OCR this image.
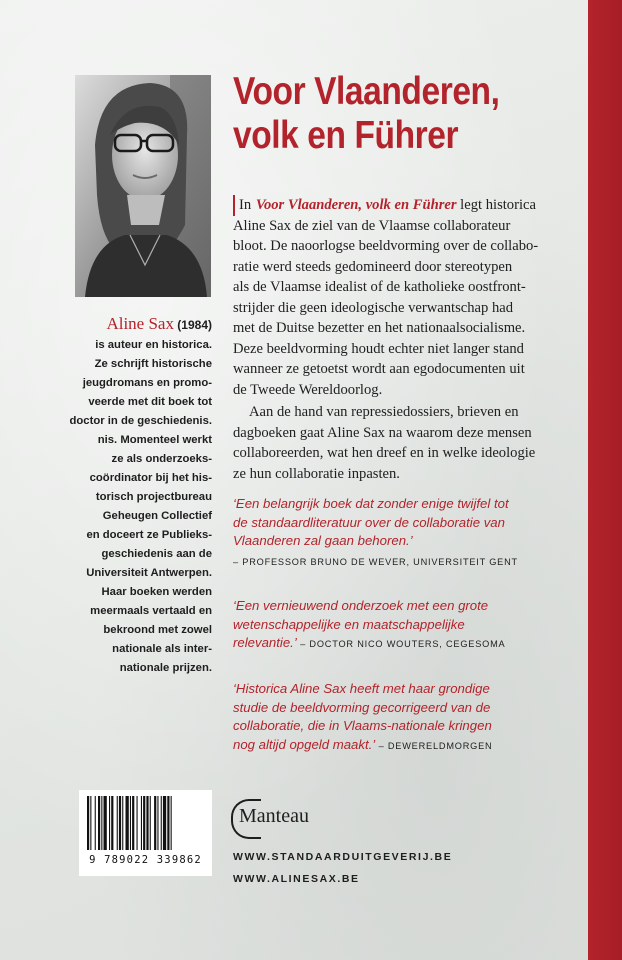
Voor Vlaanderen,
volk en Führer

In Voor Vlaanderen, volk en Führer legt historica
Aline Sax de ziel van de Vlaamse collaborateur
bloot. De naoorlogse beeldvorming over de collabo-
ratie werd steeds gedomineerd door stereotypen
als de Vlaamse idealist of de katholieke oostfront-
strijder die geen ideologische verwantschap had
met de Duitse bezetter en het nationaalsocialisme.
Deze beeldvorming houdt echter niet langer stand
wanneer ze getoetst wordt aan egodocumenten uit
de Tweede Wereldoorlog.

Aan de hand van repressiedossiers, brieven en
dagboeken gaat Aline Sax na waarom deze mensen
collaboreerden, wat hen dreef en in welke ideologie
ze hun collaboratie inpasten.

‘Een belangrijk boek dat zonder enige twijfel tot
de standaardliteratuur over de collaboratie van
Vlaanderen zal gaan behoren.’
– PROFESSOR BRUNO DE WEVER, UNIVERSITEIT GENT
‘Een vernieuwend onderzoek met een grote
wetenschappelijke en maatschappelijke
relevantie.’ – DOCTOR NICO WOUTERS, CEGESOMA
‘Historica Aline Sax heeft met haar grondige
studie de beeldvorming gecorrigeerd van de
collaboratie, die in Vlaams-nationale kringen
nog altijd opgeld maakt.’ – DEWERELDMORGEN
Aline Sax (1984)
is auteur en historica.
Ze schrijft historische
jeugdromans en promo-
veerde met dit boek tot
doctor in de geschiedenis.
nis. Momenteel werkt
ze als onderzoeks-
coördinator bij het his-
torisch projectbureau
Geheugen Collectief
en doceert ze Publieks-
geschiedenis aan de
Universiteit Antwerpen.
Haar boeken werden
meermaals vertaald en
bekroond met zowel
nationale als inter-
nationale prijzen.
9 789022 339862
Manteau
WWW.STANDAARDUITGEVERIJ.BE
WWW.ALINESAX.BE
